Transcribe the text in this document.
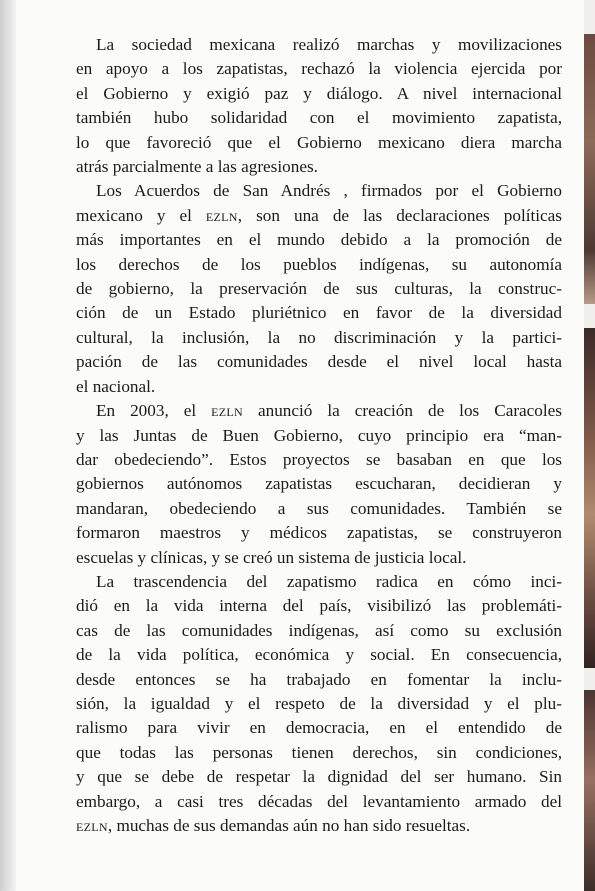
La sociedad mexicana realizó marchas y movilizaciones
en apoyo a los zapatistas, rechazó la violencia ejercida por
el Gobierno y exigió paz y diálogo. A nivel internacional
también hubo solidaridad con el movimiento zapatista,
lo que favoreció que el Gobierno mexicano diera marcha
atrás parcialmente a las agresiones.
Los Acuerdos de San Andrés , firmados por el Gobierno
mexicano y el ezln, son una de las declaraciones políticas
más importantes en el mundo debido a la promoción de
los derechos de los pueblos indígenas, su autonomía
de gobierno, la preservación de sus culturas, la construc-
ción de un Estado pluriétnico en favor de la diversidad
cultural, la inclusión, la no discriminación y la partici-
pación de las comunidades desde el nivel local hasta
el nacional.
En 2003, el ezln anunció la creación de los Caracoles
y las Juntas de Buen Gobierno, cuyo principio era “man-
dar obedeciendo”. Estos proyectos se basaban en que los
gobiernos autónomos zapatistas escucharan, decidieran y
mandaran, obedeciendo a sus comunidades. También se
formaron maestros y médicos zapatistas, se construyeron
escuelas y clínicas, y se creó un sistema de justicia local.
La trascendencia del zapatismo radica en cómo inci-
dió en la vida interna del país, visibilizó las problemáti-
cas de las comunidades indígenas, así como su exclusión
de la vida política, económica y social. En consecuencia,
desde entonces se ha trabajado en fomentar la inclu-
sión, la igualdad y el respeto de la diversidad y el plu-
ralismo para vivir en democracia, en el entendido de
que todas las personas tienen derechos, sin condiciones,
y que se debe de respetar la dignidad del ser humano. Sin
embargo, a casi tres décadas del levantamiento armado del
ezln, muchas de sus demandas aún no han sido resueltas.
